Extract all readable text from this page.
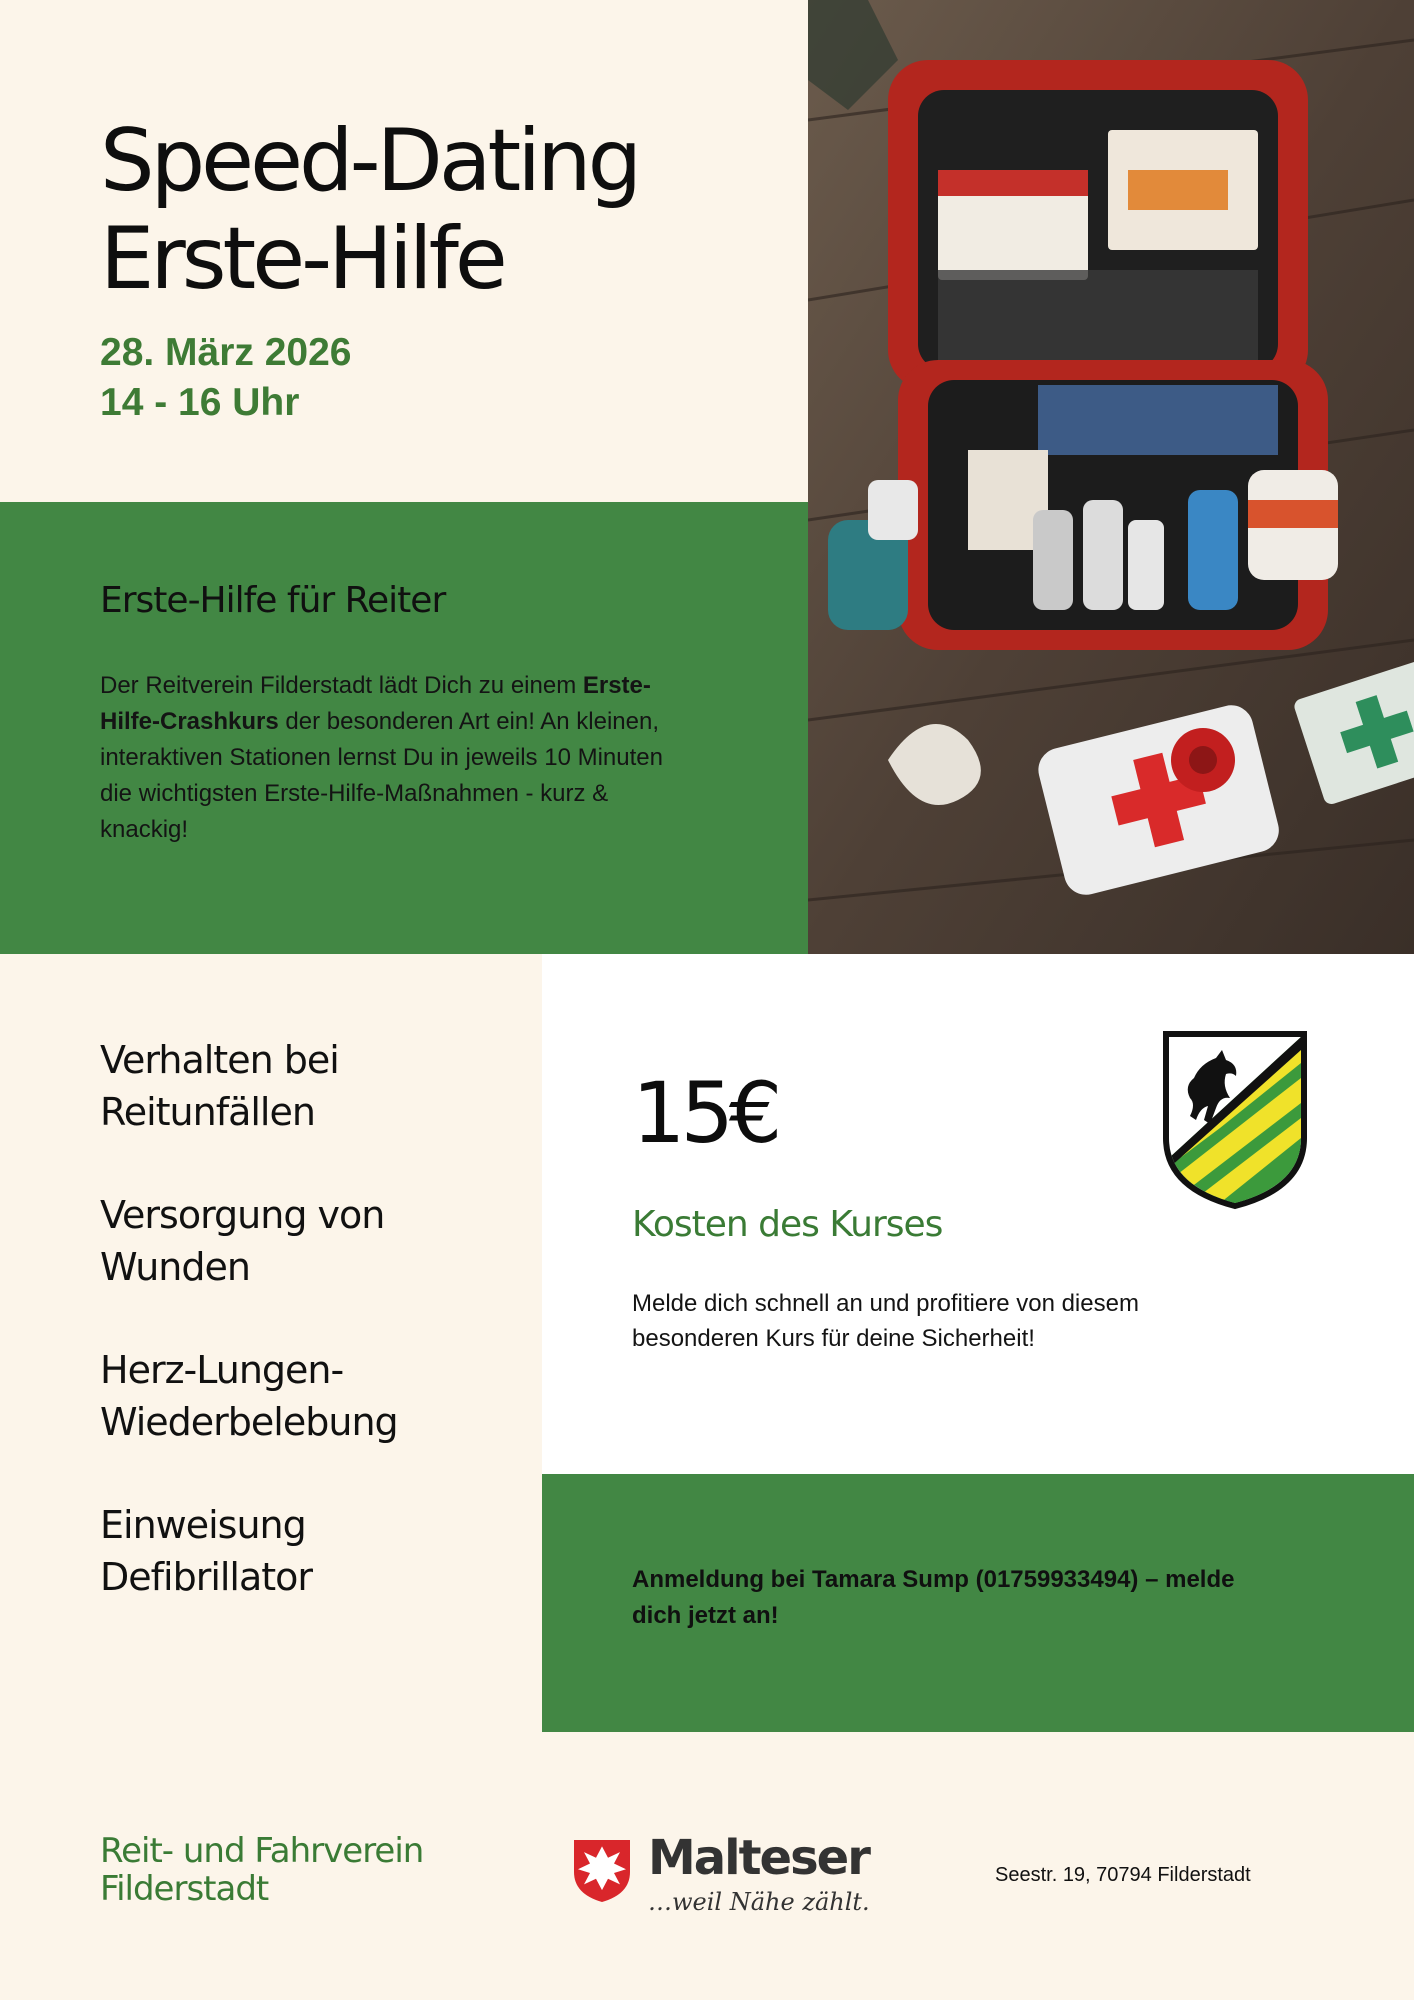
Speed-Dating
Erste-Hilfe
28. März 2026
14 - 16 Uhr
Erste-Hilfe für Reiter

Der Reitverein Filderstadt lädt Dich zu einem Erste-Hilfe-Crashkurs der besonderen Art ein! An kleinen, interaktiven Stationen lernst Du in jeweils 10 Minuten die wichtigsten Erste-Hilfe-Maßnahmen - kurz & knackig!

Verhalten bei Reitunfällen
Versorgung von Wunden
Herz-Lungen-Wiederbelebung
Einweisung Defibrillator
15€
Kosten des Kurses

Melde dich schnell an und profitiere von diesem besonderen Kurs für deine Sicherheit!

Anmeldung bei Tamara Sump (01759933494) – melde dich jetzt an!

Reit- und Fahrverein
Filderstadt
Malteser
…weil Nähe zählt.
Seestr. 19, 70794 Filderstadt
